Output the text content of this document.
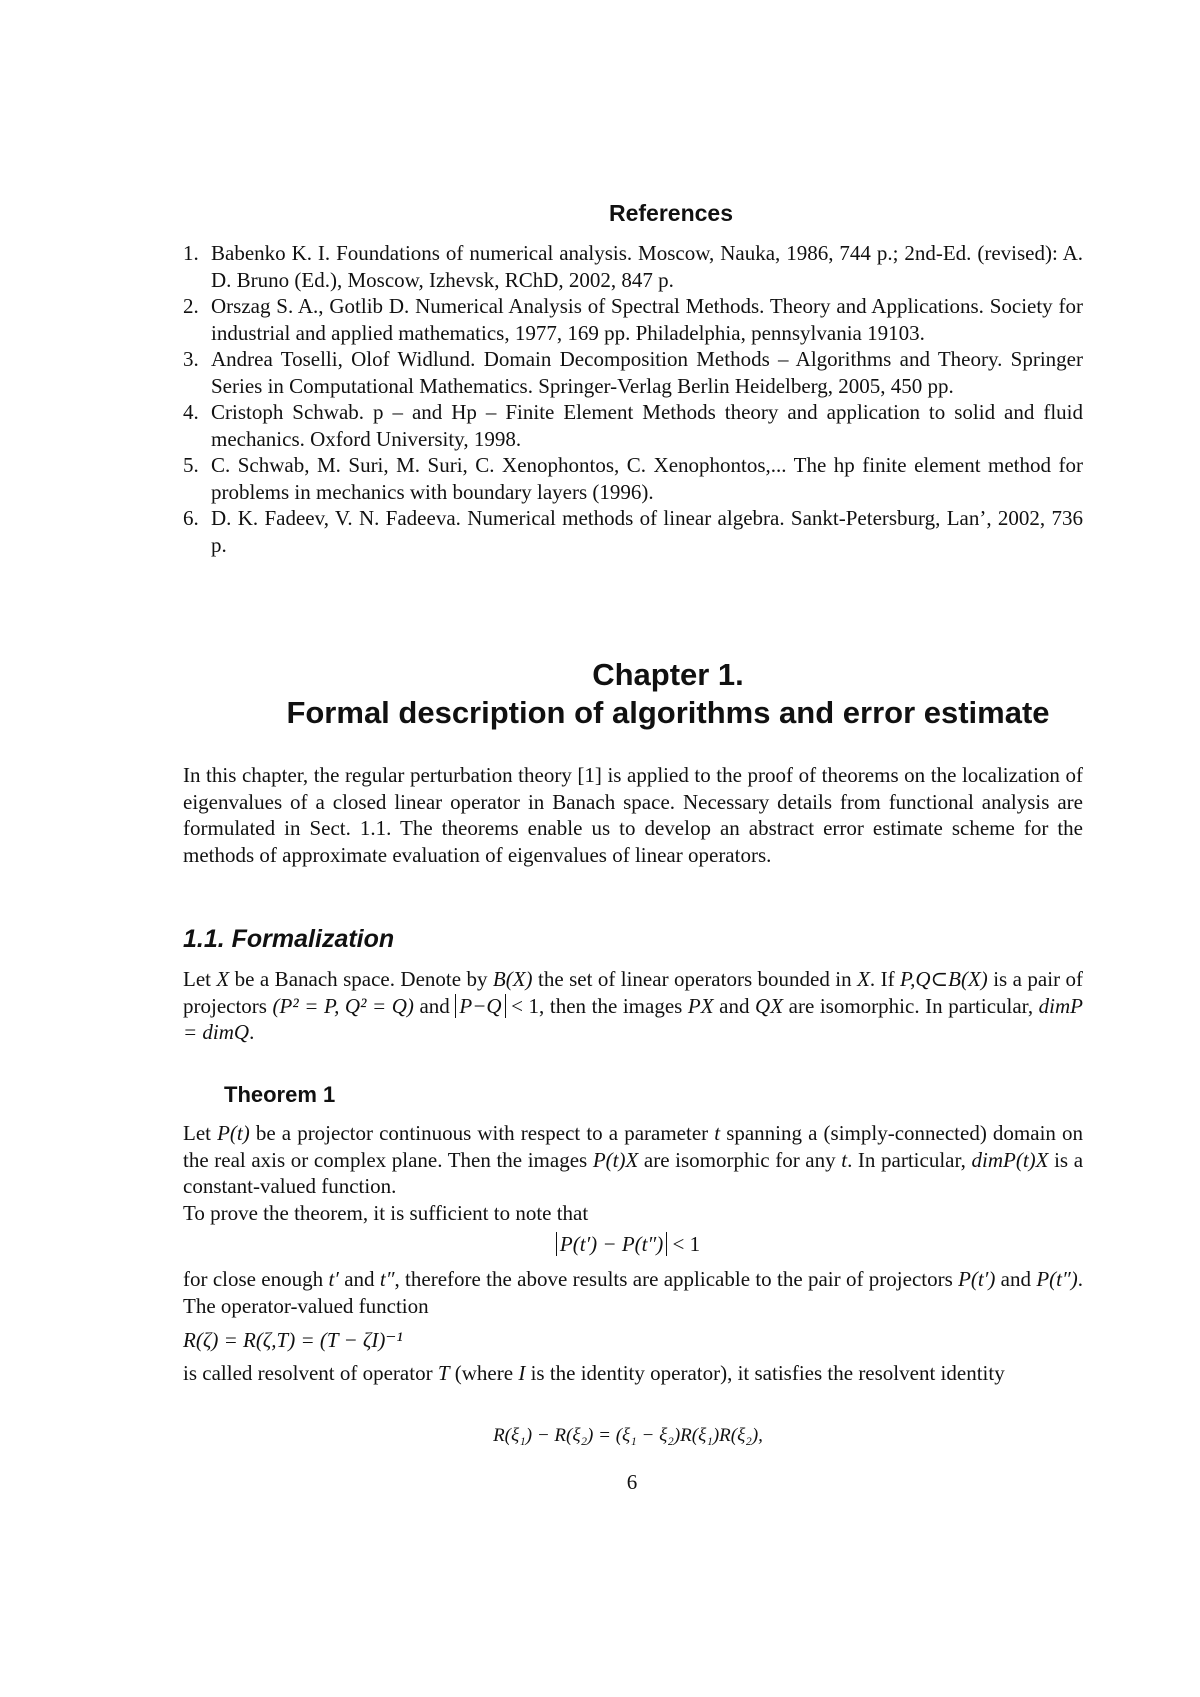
References
1. Babenko K. I. Foundations of numerical analysis. Moscow, Nauka, 1986, 744 p.; 2nd-Ed. (revised): A. D. Bruno (Ed.), Moscow, Izhevsk, RChD, 2002, 847 p.
2. Orszag S. A., Gotlib D. Numerical Analysis of Spectral Methods. Theory and Applications. Society for industrial and applied mathematics, 1977, 169 pp. Philadelphia, pennsylvania 19103.
3. Andrea Toselli, Olof Widlund. Domain Decomposition Methods – Algorithms and Theory. Springer Series in Computational Mathematics. Springer-Verlag Berlin Heidelberg, 2005, 450 pp.
4. Cristoph Schwab. p – and Hp – Finite Element Methods theory and application to solid and fluid mechanics. Oxford University, 1998.
5. C. Schwab, M. Suri, M. Suri, C. Xenophontos, C. Xenophontos,... The hp finite element method for problems in mechanics with boundary layers (1996).
6. D. K. Fadeev, V. N. Fadeeva. Numerical methods of linear algebra. Sankt-Petersburg, Lan’, 2002, 736 p.
Chapter 1.
Formal description of algorithms and error estimate

In this chapter, the regular perturbation theory [1] is applied to the proof of theorems on the localization of eigenvalues of a closed linear operator in Banach space. Necessary details from functional analysis are formulated in Sect. 1.1. The theorems enable us to develop an abstract error estimate scheme for the methods of approximate evaluation of eigenvalues of linear operators.

1.1. Formalization

Let X be a Banach space. Denote by B(X) the set of linear operators bounded in X. If P,Q⊂B(X) is a pair of projectors (P² = P, Q² = Q) and P−Q < 1, then the images PX and QX are isomorphic. In particular, dimP = dimQ.

Theorem 1

Let P(t) be a projector continuous with respect to a parameter t spanning a (simply-connected) domain on the real axis or complex plane. Then the images P(t)X are isomorphic for any t. In particular, dimP(t)X is a constant-valued function.
To prove the theorem, it is sufficient to note that

P(t′) − P(t″) < 1

for close enough t′ and t″, therefore the above results are applicable to the pair of projectors P(t′) and P(t″). The operator-valued function

R(ζ) = R(ζ,T) = (T − ζI)⁻¹

is called resolvent of operator T (where I is the identity operator), it satisfies the resolvent identity

R(ξ₁) − R(ξ₂) = (ξ₁ − ξ₂)R(ξ₁)R(ξ₂),
6
